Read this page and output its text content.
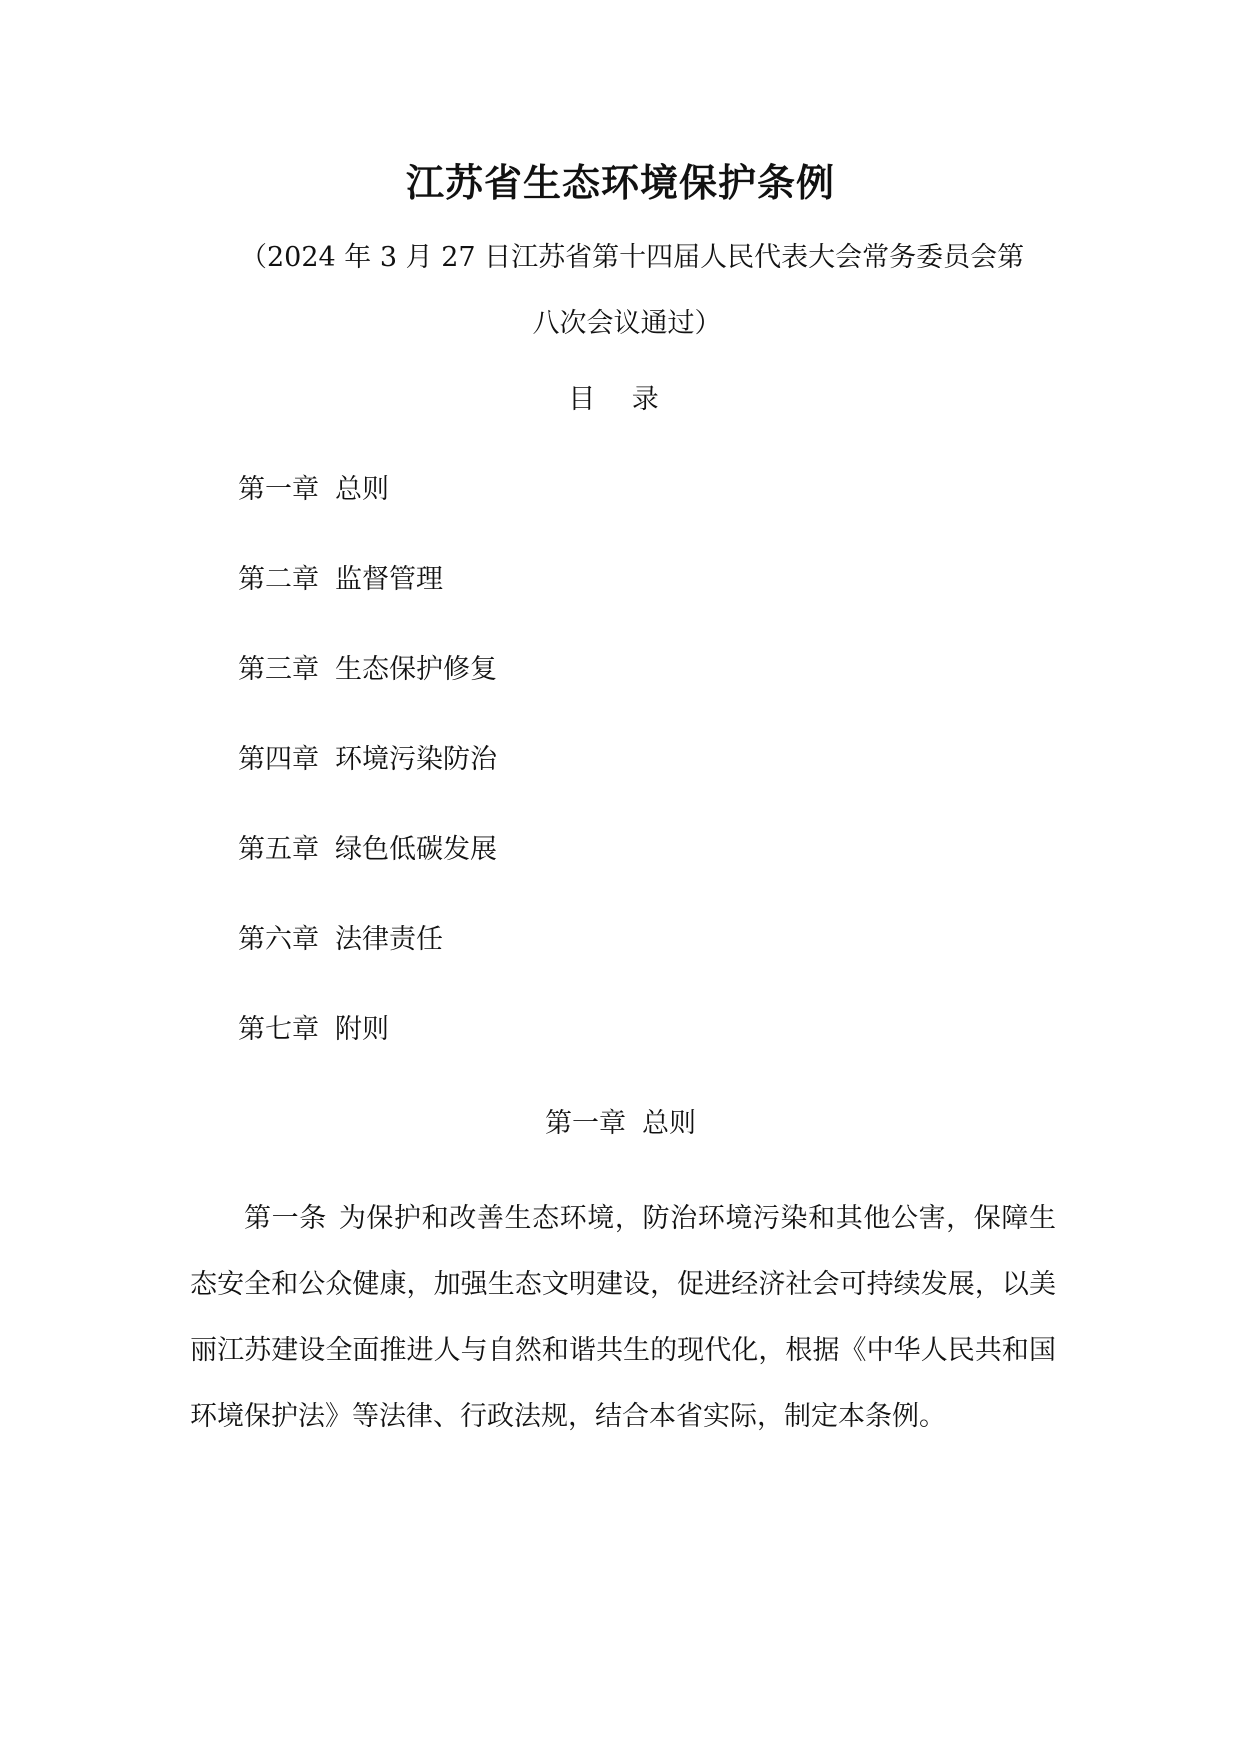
江苏省生态环境保护条例
（2024 年 3 月 27 日江苏省第十四届人民代表大会常务委员会第
八次会议通过）
目 录
第一章 总则
第二章 监督管理
第三章 生态保护修复
第四章 环境污染防治
第五章 绿色低碳发展
第六章 法律责任
第七章 附则
第一章 总则

第一条 为保护和改善生态环境，防治环境污染和其他公害，保障生态安全和公众健康，加强生态文明建设，促进经济社会可持续发展，以美丽江苏建设全面推进人与自然和谐共生的现代化，根据《中华人民共和国环境保护法》等法律、行政法规，结合本省实际，制定本条例。
